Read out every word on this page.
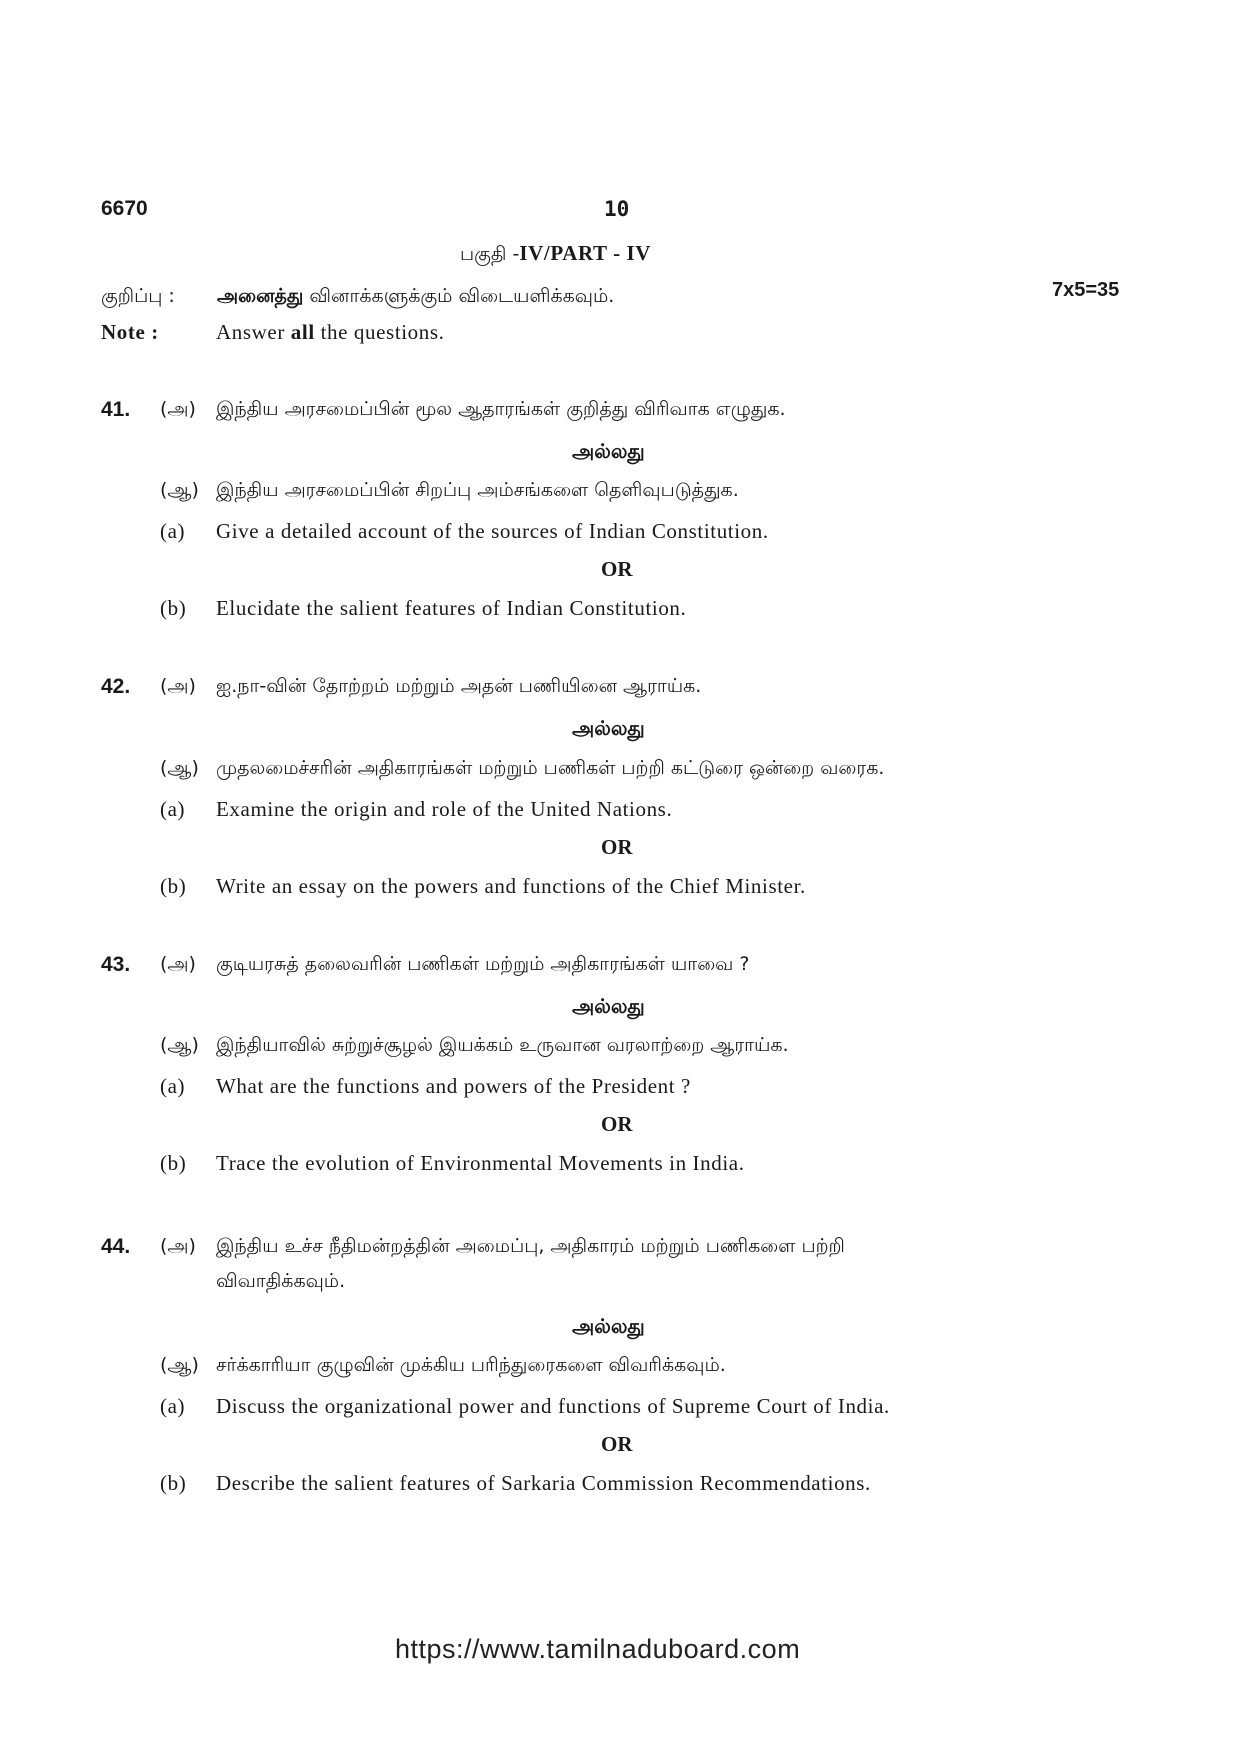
6670	10
பகுதி - IV/PART - IV
7x5=35
குறிப்பு : அனைத்து வினாக்களுக்கும் விடையளிக்கவும்.
Note :	Answer all the questions.
41. (அ) இந்திய அரசமைப்பின் மூல ஆதாரங்கள் குறித்து விரிவாக எழுதுக.
அல்லது
(ஆ) இந்திய அரசமைப்பின் சிறப்பு அம்சங்களை தெளிவுபடுத்துக.
(a) Give a detailed account of the sources of Indian Constitution.
OR
(b) Elucidate the salient features of Indian Constitution.
42. (அ) ஐ.நா-வின் தோற்றம் மற்றும் அதன் பணியினை ஆராய்க.
அல்லது
(ஆ) முதலமைச்சரின் அதிகாரங்கள் மற்றும் பணிகள் பற்றி கட்டுரை ஒன்றை வரைக.
(a) Examine the origin and role of the United Nations.
OR
(b) Write an essay on the powers and functions of the Chief Minister.
43. (அ) குடியரசுத் தலைவரின் பணிகள் மற்றும் அதிகாரங்கள் யாவை ?
அல்லது
(ஆ) இந்தியாவில் சுற்றுச்சூழல் இயக்கம் உருவான வரலாற்றை ஆராய்க.
(a) What are the functions and powers of the President ?
OR
(b) Trace the evolution of Environmental Movements in India.
44. (அ) இந்திய உச்ச நீதிமன்றத்தின் அமைப்பு, அதிகாரம் மற்றும் பணிகளை பற்றி
விவாதிக்கவும்.
அல்லது
(ஆ) சர்க்காரியா குழுவின் முக்கிய பரிந்துரைகளை விவரிக்கவும்.
(a) Discuss the organizational power and functions of Supreme Court of India.
OR
(b) Describe the salient features of Sarkaria Commission Recommendations.
https://www.tamilnaduboard.com
